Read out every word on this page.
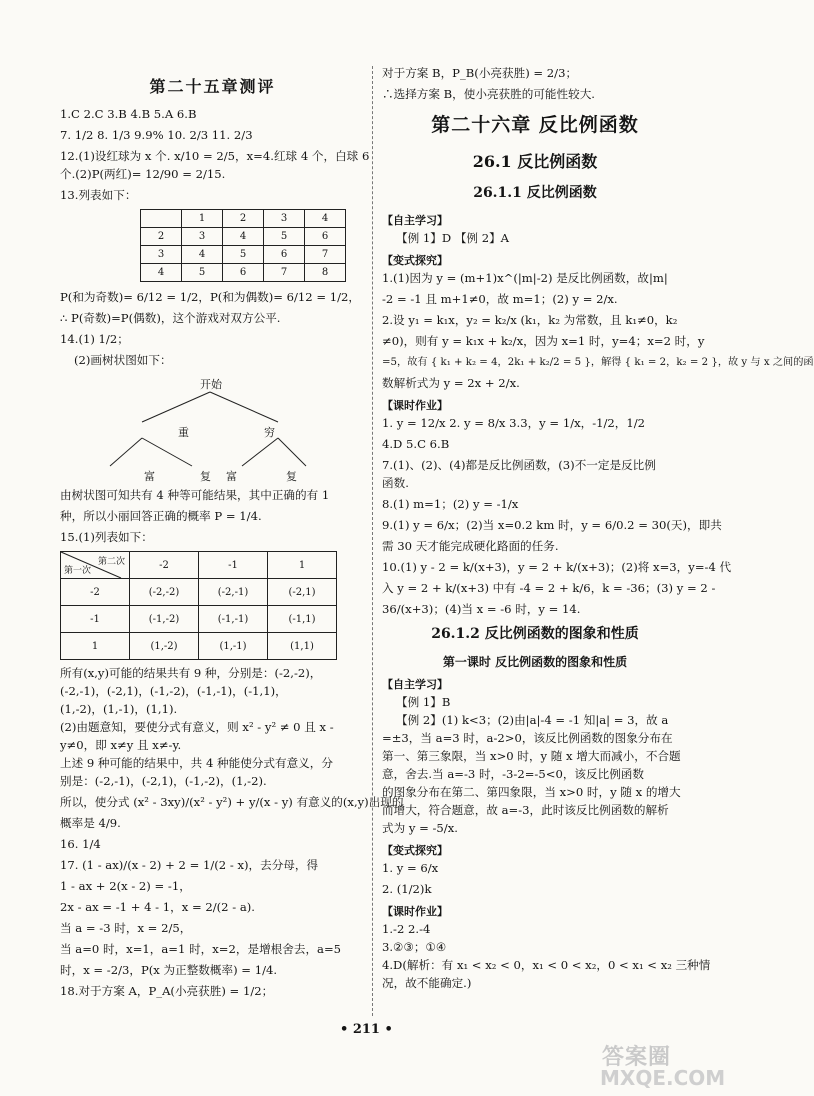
第二十五章测评
1.C 2.C 3.B 4.B 5.A 6.B
7. 1/2 8. 1/3 9.9% 10. 2/3 11. 2/3
12.(1)设红球为 x 个. x/10 = 2/5，x=4.红球 4 个，白球 6
个.(2)P(两红)= 12/90 = 2/15.
13.列表如下：
	1	2	3	4
2	3	4	5	6
3	4	5	6	7
4	5	6	7	8
P(和为奇数)= 6/12 = 1/2，P(和为偶数)= 6/12 = 1/2，
∴ P(奇数)=P(偶数)，这个游戏对双方公平.
14.(1) 1/2；
(2)画树状图如下：
开始
重	穷
富	复 富	复
由树状图可知共有 4 种等可能结果，其中正确的有 1
种，所以小丽回答正确的概率 P = 1/4.
15.(1)列表如下：
第二次
第一次	-2	-1	1
-2	(-2,-2)	(-2,-1)	(-2,1)
-1	(-1,-2)	(-1,-1)	(-1,1)
1	(1,-2)	(1,-1)	(1,1)
所有(x,y)可能的结果共有 9 种，分别是：(-2,-2)，
(-2,-1)，(-2,1)，(-1,-2)，(-1,-1)，(-1,1)，
(1,-2)，(1,-1)，(1,1).
(2)由题意知，要使分式有意义，则 x² - y² ≠ 0 且 x -
y≠0，即 x≠y 且 x≠-y.
上述 9 种可能的结果中，共 4 种能使分式有意义，分
别是：(-2,-1)，(-2,1)，(-1,-2)，(1,-2).
所以，使分式 (x² - 3xy)/(x² - y²) + y/(x - y) 有意义的(x,y)出现的
概率是 4/9.
16. 1/4
17. (1 - ax)/(x - 2) + 2 = 1/(2 - x)，去分母，得
1 - ax + 2(x - 2) = -1，
2x - ax = -1 + 4 - 1，x = 2/(2 - a).
当 a = -3 时，x = 2/5，
当 a=0 时，x=1，a=1 时，x=2，是增根舍去，a=5
时，x = -2/3，P(x 为正整数概率) = 1/4.
18.对于方案 A，P_A(小亮获胜) = 1/2；
对于方案 B，P_B(小亮获胜) = 2/3；
∴选择方案 B，使小亮获胜的可能性较大.
第二十六章 反比例函数
26.1 反比例函数
26.1.1 反比例函数
【自主学习】
【例 1】D 【例 2】A
【变式探究】
1.(1)因为 y = (m+1)x^(|m|-2) 是反比例函数，故|m|
-2 = -1 且 m+1≠0，故 m=1；(2) y = 2/x.
2.设 y₁ = k₁x，y₂ = k₂/x (k₁，k₂ 为常数，且 k₁≠0，k₂
≠0)，则有 y = k₁x + k₂/x，因为 x=1 时，y=4；x=2 时，y
=5，故有 { k₁ + k₂ = 4，2k₁ + k₂/2 = 5 }，解得 { k₁ = 2，k₂ = 2 }，故 y 与 x 之间的函
数解析式为 y = 2x + 2/x.
【课时作业】
1. y = 12/x 2. y = 8/x 3.3，y = 1/x，-1/2，1/2
4.D 5.C 6.B
7.(1)、(2)、(4)都是反比例函数，(3)不一定是反比例
函数.
8.(1) m=1；(2) y = -1/x
9.(1) y = 6/x；(2)当 x=0.2 km 时，y = 6/0.2 = 30(天)，即共
需 30 天才能完成硬化路面的任务.
10.(1) y - 2 = k/(x+3)，y = 2 + k/(x+3)；(2)将 x=3，y=-4 代
入 y = 2 + k/(x+3) 中有 -4 = 2 + k/6，k = -36；(3) y = 2 -
36/(x+3)；(4)当 x = -6 时，y = 14.
26.1.2 反比例函数的图象和性质
第一课时 反比例函数的图象和性质
【自主学习】
【例 1】B
【例 2】(1) k<3；(2)由|a|-4 = -1 知|a| = 3，故 a
=±3，当 a=3 时，a-2>0，该反比例函数的图象分布在
第一、第三象限，当 x>0 时，y 随 x 增大而减小，不合题
意，舍去.当 a=-3 时，-3-2=-5<0，该反比例函数
的图象分布在第二、第四象限，当 x>0 时，y 随 x 的增大
而增大，符合题意，故 a=-3，此时该反比例函数的解析
式为 y = -5/x.
【变式探究】
1. y = 6/x
2. (1/2)k
【课时作业】
1.-2 2.-4
3.②③；①④
4.D(解析：有 x₁ < x₂ < 0，x₁ < 0 < x₂，0 < x₁ < x₂ 三种情
况，故不能确定.)
• 211 •
答案圈
MXQE.COM
